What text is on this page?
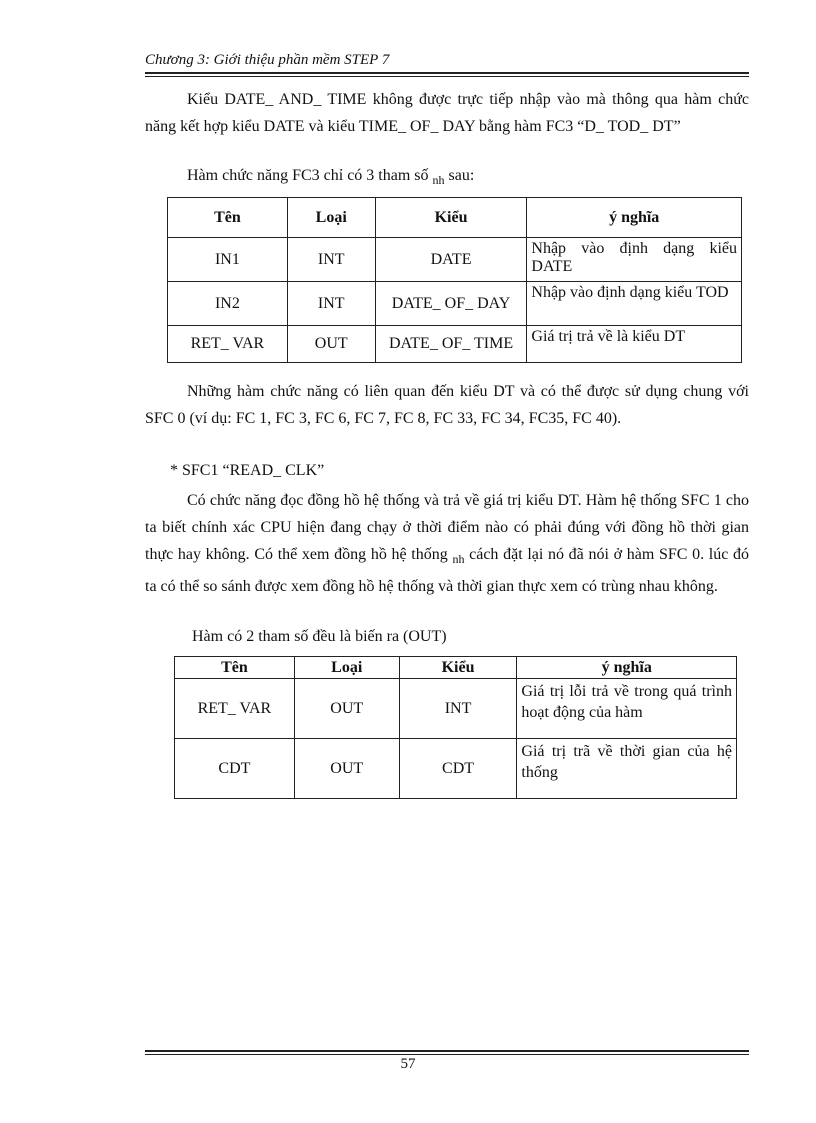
Chương 3: Giới thiệu phần mềm STEP 7
Kiểu DATE_ AND_ TIME không được trực tiếp nhập vào mà thông qua hàm chức năng kết hợp kiểu DATE và kiểu TIME_ OF_ DAY bằng hàm FC3 “D_ TOD_ DT”
Hàm chức năng FC3 chỉ có 3 tham số $_{nh}$ sau:
Tên	Loại	Kiểu	ý nghĩa
IN1	INT	DATE	Nhập vào định dạng kiểu DATE
IN2	INT	DATE_ OF_ DAY	Nhập vào định dạng kiểu TOD
RET_ VAR	OUT	DATE_ OF_ TIME	Giá trị trả về là kiểu DT
Những hàm chức năng có liên quan đến kiểu DT và có thể được sử dụng chung với SFC 0 (ví dụ: FC 1, FC 3, FC 6, FC 7, FC 8, FC 33, FC 34, FC35, FC 40).
* SFC1 “READ_ CLK”
Có chức năng đọc đồng hồ hệ thống và trả về giá trị kiểu DT. Hàm hệ thống SFC 1 cho ta biết chính xác CPU hiện đang chạy ở thời điểm nào có phải đúng với đồng hồ thời gian thực hay không. Có thể xem đồng hồ hệ thống $_{nh}$ cách đặt lại nó đã nói ở hàm SFC 0. lúc đó ta có thể so sánh được xem đồng hồ hệ thống và thời gian thực xem có trùng nhau không.
Hàm có 2 tham số đều là biến ra (OUT)
Tên	Loại	Kiểu	ý nghĩa
RET_ VAR	OUT	INT	Giá trị lỗi trả về trong quá trình hoạt động của hàm
CDT	OUT	CDT	Giá trị trã về thời gian của hệ thống
57
